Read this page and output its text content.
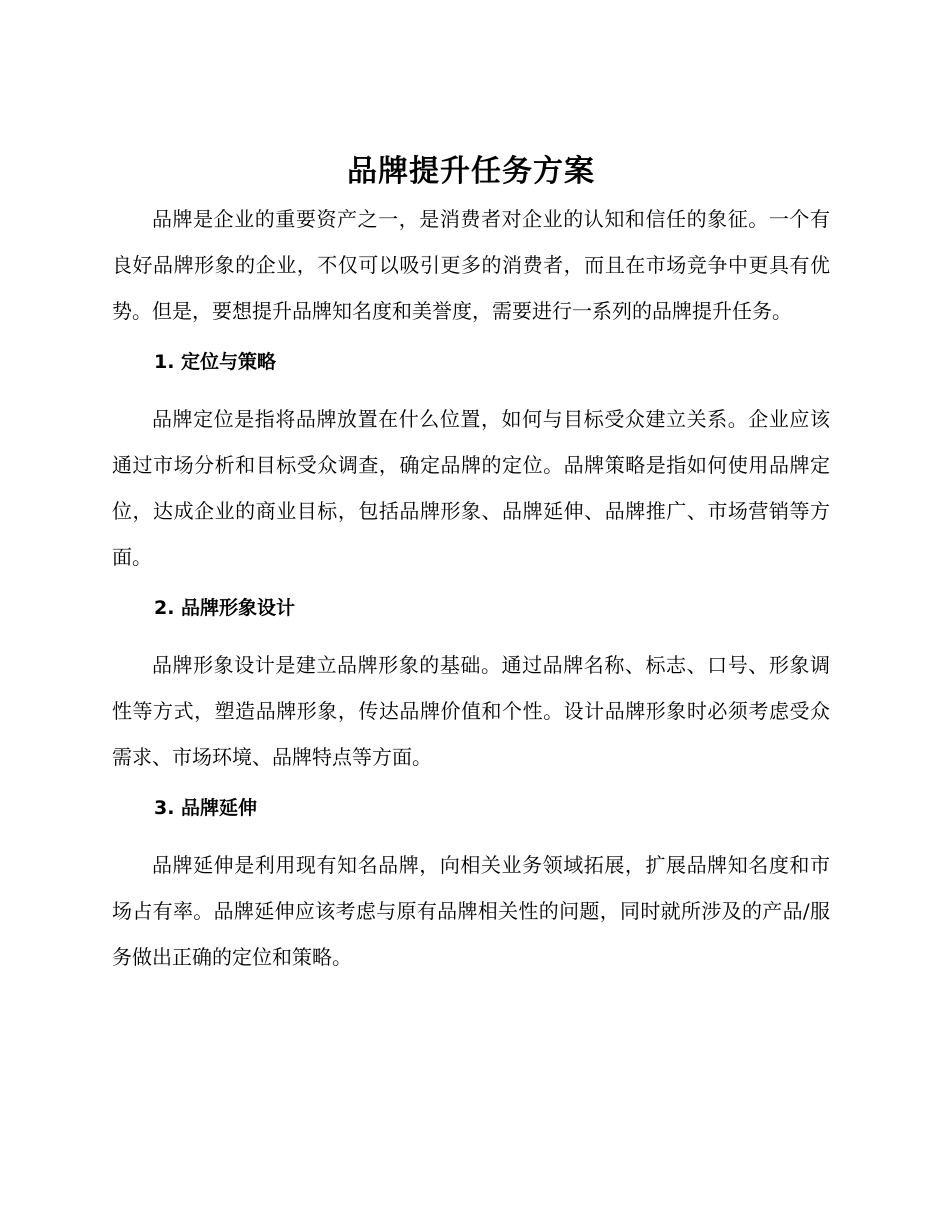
品牌提升任务方案

品牌是企业的重要资产之一，是消费者对企业的认知和信任的象征。一个有良好品牌形象的企业，不仅可以吸引更多的消费者，而且在市场竞争中更具有优势。但是，要想提升品牌知名度和美誉度，需要进行一系列的品牌提升任务。

1. 定位与策略

品牌定位是指将品牌放置在什么位置，如何与目标受众建立关系。企业应该通过市场分析和目标受众调查，确定品牌的定位。品牌策略是指如何使用品牌定位，达成企业的商业目标，包括品牌形象、品牌延伸、品牌推广、市场营销等方面。

2. 品牌形象设计

品牌形象设计是建立品牌形象的基础。通过品牌名称、标志、口号、形象调性等方式，塑造品牌形象，传达品牌价值和个性。设计品牌形象时必须考虑受众需求、市场环境、品牌特点等方面。

3. 品牌延伸

品牌延伸是利用现有知名品牌，向相关业务领域拓展，扩展品牌知名度和市场占有率。品牌延伸应该考虑与原有品牌相关性的问题，同时就所涉及的产品/服务做出正确的定位和策略。
